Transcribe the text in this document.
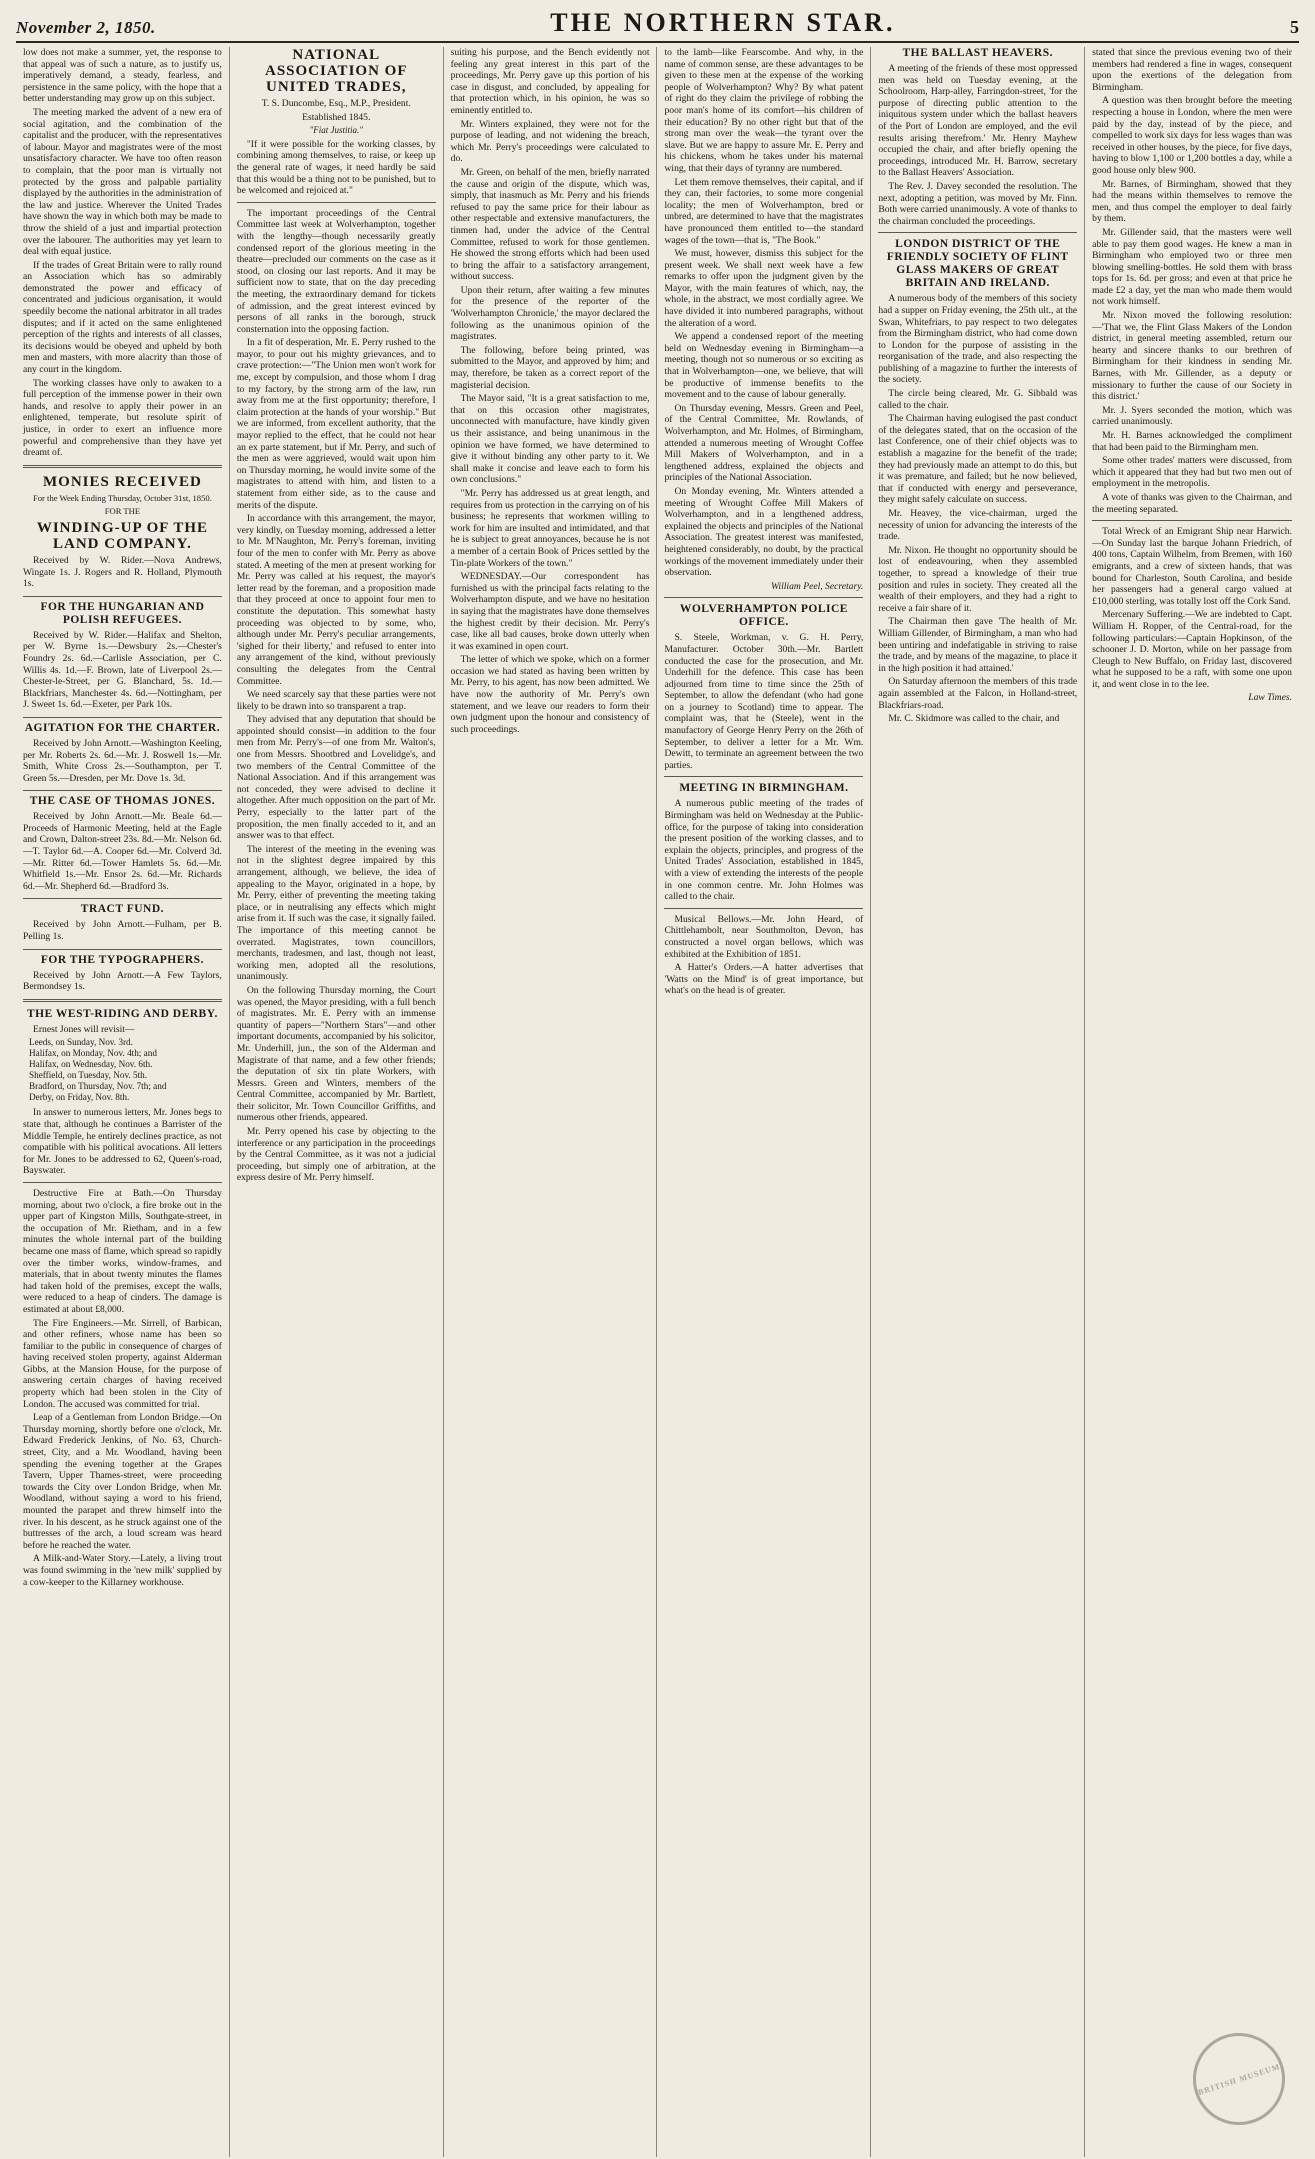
November 2, 1850.	THE NORTHERN STAR.	5

low does not make a summer, yet, the response to that appeal was of such a nature, as to justify us, imperatively demand, a steady, fearless, and persistence in the same policy, with the hope that a better understanding may grow up on this subject.

The meeting marked the advent of a new era of social agitation, and the combination of the capitalist and the producer, with the representatives of labour. Mayor and magistrates were of the most unsatisfactory character. We have too often reason to complain, that the poor man is virtually not protected by the gross and palpable partiality displayed by the authorities in the administration of the law and justice. Wherever the United Trades have shown the way in which both may be made to throw the shield of a just and impartial protection over the labourer. The authorities may yet learn to deal with equal justice.

If the trades of Great Britain were to rally round an Association which has so admirably demonstrated the power and efficacy of concentrated and judicious organisation, it would speedily become the national arbitrator in all trades disputes; and if it acted on the same enlightened perception of the rights and interests of all classes, its decisions would be obeyed and upheld by both men and masters, with more alacrity than those of any court in the kingdom.

The working classes have only to awaken to a full perception of the immense power in their own hands, and resolve to apply their power in an enlightened, temperate, but resolute spirit of justice, in order to exert an influence more powerful and comprehensive than they have yet dreamt of.

MONIES RECEIVED
For the Week Ending Thursday, October 31st, 1850.
FOR THE
WINDING-UP OF THE LAND COMPANY.

Received by W. Rider.—Nova Andrews, Wingate 1s. J. Rogers and R. Holland, Plymouth 1s.

FOR THE HUNGARIAN AND POLISH REFUGEES.

Received by W. Rider.—Halifax and Shelton, per W. Byrne 1s.—Dewsbury 2s.—Chester's Foundry 2s. 6d.—Carlisle Association, per C. Willis 4s. 1d.—F. Brown, late of Liverpool 2s.—Chester-le-Street, per G. Blanchard, 5s. 1d.—Blackfriars, Manchester 4s. 6d.—Nottingham, per J. Sweet 1s. 6d.—Exeter, per Park 10s.

AGITATION FOR THE CHARTER.

Received by John Arnott.—Washington Keeling, per Mr. Roberts 2s. 6d.—Mr. J. Roswell 1s.—Mr. Smith, White Cross 2s.—Southampton, per T. Green 5s.—Dresden, per Mr. Dove 1s. 3d.

THE CASE OF THOMAS JONES.

Received by John Arnott.—Mr. Beale 6d.—Proceeds of Harmonic Meeting, held at the Eagle and Crown, Dalton-street 23s. 8d.—Mr. Nelson 6d.—T. Taylor 6d.—A. Cooper 6d.—Mr. Colverd 3d.—Mr. Ritter 6d.—Tower Hamlets 5s. 6d.—Mr. Whitfield 1s.—Mr. Ensor 2s. 6d.—Mr. Richards 6d.—Mr. Shepherd 6d.—Bradford 3s.

TRACT FUND.

Received by John Arnott.—Fulham, per B. Pelling 1s.

FOR THE TYPOGRAPHERS.

Received by John Arnott.—A Few Taylors, Bermondsey 1s.

THE WEST-RIDING AND DERBY.

Ernest Jones will revisit—

Leeds, on Sunday, Nov. 3rd.
Halifax, on Monday, Nov. 4th; and
Halifax, on Wednesday, Nov. 6th.
Sheffield, on Tuesday, Nov. 5th.
Bradford, on Thursday, Nov. 7th; and
Derby, on Friday, Nov. 8th.

In answer to numerous letters, Mr. Jones begs to state that, although he continues a Barrister of the Middle Temple, he entirely declines practice, as not compatible with his political avocations. All letters for Mr. Jones to be addressed to 62, Queen's-road, Bayswater.

Destructive Fire at Bath.—On Thursday morning, about two o'clock, a fire broke out in the upper part of Kingston Mills, Southgate-street, in the occupation of Mr. Rietham, and in a few minutes the whole internal part of the building became one mass of flame, which spread so rapidly over the timber works, window-frames, and materials, that in about twenty minutes the flames had taken hold of the premises, except the walls, were reduced to a heap of cinders. The damage is estimated at about £8,000.

The Fire Engineers.—Mr. Sirrell, of Barbican, and other refiners, whose name has been so familiar to the public in consequence of charges of having received stolen property, against Alderman Gibbs, at the Mansion House, for the purpose of answering certain charges of having received property which had been stolen in the City of London. The accused was committed for trial.

Leap of a Gentleman from London Bridge.—On Thursday morning, shortly before one o'clock, Mr. Edward Frederick Jenkins, of No. 63, Church-street, City, and a Mr. Woodland, having been spending the evening together at the Grapes Tavern, Upper Thames-street, were proceeding towards the City over London Bridge, when Mr. Woodland, without saying a word to his friend, mounted the parapet and threw himself into the river. In his descent, as he struck against one of the buttresses of the arch, a loud scream was heard before he reached the water.

A Milk-and-Water Story.—Lately, a living trout was found swimming in the 'new milk' supplied by a cow-keeper to the Killarney workhouse.

NATIONAL ASSOCIATION OF UNITED TRADES,
T. S. Duncombe, Esq., M.P., President.
Established 1845.
"Fiat Justitia."

"If it were possible for the working classes, by combining among themselves, to raise, or keep up the general rate of wages, it need hardly be said that this would be a thing not to be punished, but to be welcomed and rejoiced at."

The important proceedings of the Central Committee last week at Wolverhampton, together with the lengthy—though necessarily greatly condensed report of the glorious meeting in the theatre—precluded our comments on the case as it stood, on closing our last reports. And it may be sufficient now to state, that on the day preceding the meeting, the extraordinary demand for tickets of admission, and the great interest evinced by persons of all ranks in the borough, struck consternation into the opposing faction.

In a fit of desperation, Mr. E. Perry rushed to the mayor, to pour out his mighty grievances, and to crave protection:—"The Union men won't work for me, except by compulsion, and those whom I drag to my factory, by the strong arm of the law, run away from me at the first opportunity; therefore, I claim protection at the hands of your worship." But we are informed, from excellent authority, that the mayor replied to the effect, that he could not hear an ex parte statement, but if Mr. Perry, and such of the men as were aggrieved, would wait upon him on Thursday morning, he would invite some of the magistrates to attend with him, and listen to a statement from either side, as to the cause and merits of the dispute.

In accordance with this arrangement, the mayor, very kindly, on Tuesday morning, addressed a letter to Mr. M'Naughton, Mr. Perry's foreman, inviting four of the men to confer with Mr. Perry as above stated. A meeting of the men at present working for Mr. Perry was called at his request, the mayor's letter read by the foreman, and a proposition made that they proceed at once to appoint four men to constitute the deputation. This somewhat hasty proceeding was objected to by some, who, although under Mr. Perry's peculiar arrangements, 'sighed for their liberty,' and refused to enter into any arrangement of the kind, without previously consulting the delegates from the Central Committee.

We need scarcely say that these parties were not likely to be drawn into so transparent a trap.

They advised that any deputation that should be appointed should consist—in addition to the four men from Mr. Perry's—of one from Mr. Walton's, one from Messrs. Shootbred and Lovelidge's, and two members of the Central Committee of the National Association. And if this arrangement was not conceded, they were advised to decline it altogether. After much opposition on the part of Mr. Perry, especially to the latter part of the proposition, the men finally acceded to it, and an answer was to that effect.

The interest of the meeting in the evening was not in the slightest degree impaired by this arrangement, although, we believe, the idea of appealing to the Mayor, originated in a hope, by Mr. Perry, either of preventing the meeting taking place, or in neutralising any effects which might arise from it. If such was the case, it signally failed. The importance of this meeting cannot be overrated. Magistrates, town councillors, merchants, tradesmen, and last, though not least, working men, adopted all the resolutions, unanimously.

On the following Thursday morning, the Court was opened, the Mayor presiding, with a full bench of magistrates. Mr. E. Perry with an immense quantity of papers—"Northern Stars"—and other important documents, accompanied by his solicitor, Mr. Underhill, jun., the son of the Alderman and Magistrate of that name, and a few other friends; the deputation of six tin plate Workers, with Messrs. Green and Winters, members of the Central Committee, accompanied by Mr. Bartlett, their solicitor, Mr. Town Councillor Griffiths, and numerous other friends, appeared.

Mr. Perry opened his case by objecting to the interference or any participation in the proceedings by the Central Committee, as it was not a judicial proceeding, but simply one of arbitration, at the express desire of Mr. Perry himself.

suiting his purpose, and the Bench evidently not feeling any great interest in this part of the proceedings, Mr. Perry gave up this portion of his case in disgust, and concluded, by appealing for that protection which, in his opinion, he was so eminently entitled to.

Mr. Winters explained, they were not for the purpose of leading, and not widening the breach, which Mr. Perry's proceedings were calculated to do.

Mr. Green, on behalf of the men, briefly narrated the cause and origin of the dispute, which was, simply, that inasmuch as Mr. Perry and his friends refused to pay the same price for their labour as other respectable and extensive manufacturers, the tinmen had, under the advice of the Central Committee, refused to work for those gentlemen. He showed the strong efforts which had been used to bring the affair to a satisfactory arrangement, without success.

Upon their return, after waiting a few minutes for the presence of the reporter of the 'Wolverhampton Chronicle,' the mayor declared the following as the unanimous opinion of the magistrates.

The following, before being printed, was submitted to the Mayor, and approved by him; and may, therefore, be taken as a correct report of the magisterial decision.

The Mayor said, "It is a great satisfaction to me, that on this occasion other magistrates, unconnected with manufacture, have kindly given us their assistance, and being unanimous in the opinion we have formed, we have determined to give it without binding any other party to it. We shall make it concise and leave each to form his own conclusions."

"Mr. Perry has addressed us at great length, and requires from us protection in the carrying on of his business; he represents that workmen willing to work for him are insulted and intimidated, and that he is subject to great annoyances, because he is not a member of a certain Book of Prices settled by the Tin-plate Workers of the town."

WEDNESDAY.—Our correspondent has furnished us with the principal facts relating to the Wolverhampton dispute, and we have no hesitation in saying that the magistrates have done themselves the highest credit by their decision. Mr. Perry's case, like all bad causes, broke down utterly when it was examined in open court.

The letter of which we spoke, which on a former occasion we had stated as having been written by Mr. Perry, to his agent, has now been admitted. We have now the authority of Mr. Perry's own statement, and we leave our readers to form their own judgment upon the honour and consistency of such proceedings.

to the lamb—like Fearscombe. And why, in the name of common sense, are these advantages to be given to these men at the expense of the working people of Wolverhampton? Why? By what patent of right do they claim the privilege of robbing the poor man's home of its comfort—his children of their education? By no other right but that of the strong man over the weak—the tyrant over the slave. But we are happy to assure Mr. E. Perry and his chickens, whom he takes under his maternal wing, that their days of tyranny are numbered.

Let them remove themselves, their capital, and if they can, their factories, to some more congenial locality; the men of Wolverhampton, bred or unbred, are determined to have that the magistrates have pronounced them entitled to—the standard wages of the town—that is, "The Book."

We must, however, dismiss this subject for the present week. We shall next week have a few remarks to offer upon the judgment given by the Mayor, with the main features of which, nay, the whole, in the abstract, we most cordially agree. We have divided it into numbered paragraphs, without the alteration of a word.

We append a condensed report of the meeting held on Wednesday evening in Birmingham—a meeting, though not so numerous or so exciting as that in Wolverhampton—one, we believe, that will be productive of immense benefits to the movement and to the cause of labour generally.

On Thursday evening, Messrs. Green and Peel, of the Central Committee, Mr. Rowlands, of Wolverhampton, and Mr. Holmes, of Birmingham, attended a numerous meeting of Wrought Coffee Mill Makers of Wolverhampton, and in a lengthened address, explained the objects and principles of the National Association.

On Monday evening, Mr. Winters attended a meeting of Wrought Coffee Mill Makers of Wolverhampton, and in a lengthened address, explained the objects and principles of the National Association. The greatest interest was manifested, heightened considerably, no doubt, by the practical workings of the movement immediately under their observation.

William Peel, Secretary.
WOLVERHAMPTON POLICE OFFICE.

S. Steele, Workman, v. G. H. Perry, Manufacturer. October 30th.—Mr. Bartlett conducted the case for the prosecution, and Mr. Underhill for the defence. This case has been adjourned from time to time since the 25th of September, to allow the defendant (who had gone on a journey to Scotland) time to appear. The complaint was, that he (Steele), went in the manufactory of George Henry Perry on the 26th of September, to deliver a letter for a Mr. Wm. Dewitt, to terminate an agreement between the two parties.

MEETING IN BIRMINGHAM.

A numerous public meeting of the trades of Birmingham was held on Wednesday at the Public-office, for the purpose of taking into consideration the present position of the working classes, and to explain the objects, principles, and progress of the United Trades' Association, established in 1845, with a view of extending the interests of the people in one common centre. Mr. John Holmes was called to the chair.

Musical Bellows.—Mr. John Heard, of Chittlehambolt, near Southmolton, Devon, has constructed a novel organ bellows, which was exhibited at the Exhibition of 1851.

A Hatter's Orders.—A hatter advertises that 'Watts on the Mind' is of great importance, but what's on the head is of greater.

THE BALLAST HEAVERS.

A meeting of the friends of these most oppressed men was held on Tuesday evening, at the Schoolroom, Harp-alley, Farringdon-street, 'for the purpose of directing public attention to the iniquitous system under which the ballast heavers of the Port of London are employed, and the evil results arising therefrom.' Mr. Henry Mayhew occupied the chair, and after briefly opening the proceedings, introduced Mr. H. Barrow, secretary to the Ballast Heavers' Association.

The Rev. J. Davey seconded the resolution. The next, adopting a petition, was moved by Mr. Finn. Both were carried unanimously. A vote of thanks to the chairman concluded the proceedings.

LONDON DISTRICT OF THE FRIENDLY SOCIETY OF FLINT GLASS MAKERS OF GREAT BRITAIN AND IRELAND.

A numerous body of the members of this society had a supper on Friday evening, the 25th ult., at the Swan, Whitefriars, to pay respect to two delegates from the Birmingham district, who had come down to London for the purpose of assisting in the reorganisation of the trade, and also respecting the publishing of a magazine to further the interests of the society.

The circle being cleared, Mr. G. Sibbald was called to the chair.

The Chairman having eulogised the past conduct of the delegates stated, that on the occasion of the last Conference, one of their chief objects was to establish a magazine for the benefit of the trade; they had previously made an attempt to do this, but it was premature, and failed; but he now believed, that if conducted with energy and perseverance, they might safely calculate on success.

Mr. Heavey, the vice-chairman, urged the necessity of union for advancing the interests of the trade.

Mr. Nixon. He thought no opportunity should be lost of endeavouring, when they assembled together, to spread a knowledge of their true position and rules in society. They created all the wealth of their employers, and they had a right to receive a fair share of it.

The Chairman then gave 'The health of Mr. William Gillender, of Birmingham, a man who had been untiring and indefatigable in striving to raise the trade, and by means of the magazine, to place it in the high position it had attained.'

On Saturday afternoon the members of this trade again assembled at the Falcon, in Holland-street, Blackfriars-road.

Mr. C. Skidmore was called to the chair, and

stated that since the previous evening two of their members had rendered a fine in wages, consequent upon the exertions of the delegation from Birmingham.

A question was then brought before the meeting respecting a house in London, where the men were paid by the day, instead of by the piece, and compelled to work six days for less wages than was received in other houses, by the piece, for five days, having to blow 1,100 or 1,200 bottles a day, while a good house only blew 900.

Mr. Barnes, of Birmingham, showed that they had the means within themselves to remove the men, and thus compel the employer to deal fairly by them.

Mr. Gillender said, that the masters were well able to pay them good wages. He knew a man in Birmingham who employed two or three men blowing smelling-bottles. He sold them with brass tops for 1s. 6d. per gross; and even at that price he made £2 a day, yet the man who made them would not work himself.

Mr. Nixon moved the following resolution:—'That we, the Flint Glass Makers of the London district, in general meeting assembled, return our hearty and sincere thanks to our brethren of Birmingham for their kindness in sending Mr. Barnes, with Mr. Gillender, as a deputy or missionary to further the cause of our Society in this district.'

Mr. J. Syers seconded the motion, which was carried unanimously.

Mr. H. Barnes acknowledged the compliment that had been paid to the Birmingham men.

Some other trades' matters were discussed, from which it appeared that they had but two men out of employment in the metropolis.

A vote of thanks was given to the Chairman, and the meeting separated.

Total Wreck of an Emigrant Ship near Harwich.—On Sunday last the barque Johann Friedrich, of 400 tons, Captain Wilhelm, from Bremen, with 160 emigrants, and a crew of sixteen hands, that was bound for Charleston, South Carolina, and beside her passengers had a general cargo valued at £10,000 sterling, was totally lost off the Cork Sand.

Mercenary Suffering.—We are indebted to Capt. William H. Ropper, of the Central-road, for the following particulars:—Captain Hopkinson, of the schooner J. D. Morton, while on her passage from Cleugh to New Buffalo, on Friday last, discovered what he supposed to be a raft, with some one upon it, and went close in to the lee.

Law Times.
BRITISH MUSEUM
